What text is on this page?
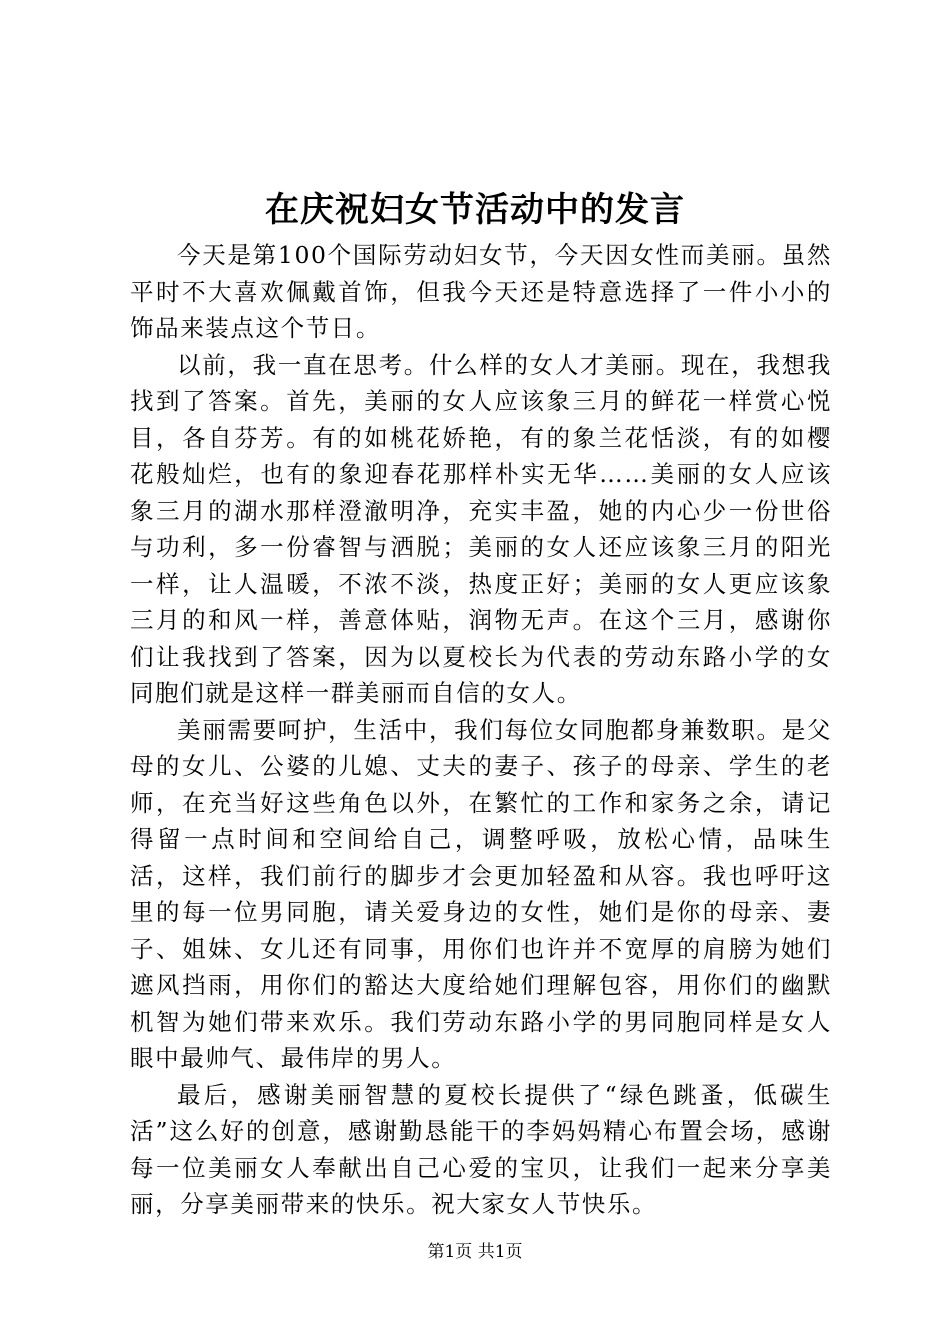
在庆祝妇女节活动中的发言

今天是第100个国际劳动妇女节，今天因女性而美丽。虽然平时不大喜欢佩戴首饰，但我今天还是特意选择了一件小小的饰品来装点这个节日。

以前，我一直在思考。什么样的女人才美丽。现在，我想我找到了答案。首先，美丽的女人应该象三月的鲜花一样赏心悦目，各自芬芳。有的如桃花娇艳，有的象兰花恬淡，有的如樱花般灿烂，也有的象迎春花那样朴实无华……美丽的女人应该象三月的湖水那样澄澈明净，充实丰盈，她的内心少一份世俗与功利，多一份睿智与洒脱；美丽的女人还应该象三月的阳光一样，让人温暖，不浓不淡，热度正好；美丽的女人更应该象三月的和风一样，善意体贴，润物无声。在这个三月，感谢你们让我找到了答案，因为以夏校长为代表的劳动东路小学的女同胞们就是这样一群美丽而自信的女人。

美丽需要呵护，生活中，我们每位女同胞都身兼数职。是父母的女儿、公婆的儿媳、丈夫的妻子、孩子的母亲、学生的老师，在充当好这些角色以外，在繁忙的工作和家务之余，请记得留一点时间和空间给自己，调整呼吸，放松心情，品味生活，这样，我们前行的脚步才会更加轻盈和从容。我也呼吁这里的每一位男同胞，请关爱身边的女性，她们是你的母亲、妻子、姐妹、女儿还有同事，用你们也许并不宽厚的肩膀为她们遮风挡雨，用你们的豁达大度给她们理解包容，用你们的幽默机智为她们带来欢乐。我们劳动东路小学的男同胞同样是女人眼中最帅气、最伟岸的男人。

最后，感谢美丽智慧的夏校长提供了“绿色跳蚤，低碳生活”这么好的创意，感谢勤恳能干的李妈妈精心布置会场，感谢每一位美丽女人奉献出自己心爱的宝贝，让我们一起来分享美丽，分享美丽带来的快乐。祝大家女人节快乐。

第1页 共1页
